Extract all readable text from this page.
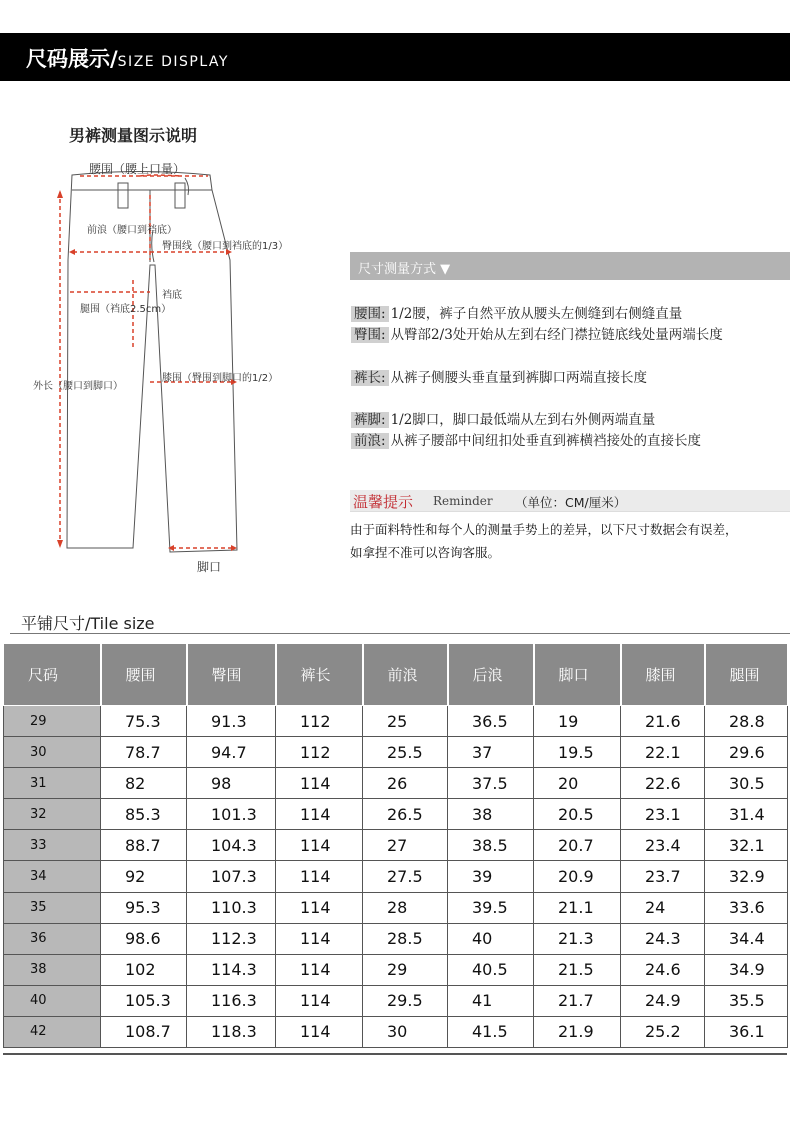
尺码展示/SIZE DISPLAY
男裤测量图示说明
腰围（腰上口量）
前浪（腰口到裆底）
臀围线（腰口到裆底的1/3）
裆底
腿围（裆底2.5cm）
膝围（臀围到脚口的1/2）
外长（腰口到脚口）
脚口
尺寸测量方式 ▼
腰围: 1/2腰，裤子自然平放从腰头左侧缝到右侧缝直量
臀围: 从臀部2/3处开始从左到右经门襟拉链底线处量两端长度
裤长: 从裤子侧腰头垂直量到裤脚口两端直接长度
裤脚: 1/2脚口，脚口最低端从左到右外侧两端直量
前浪: 从裤子腰部中间纽扣处垂直到裤横裆接处的直接长度
温馨提示 Reminder （单位：CM/厘米）
由于面料特性和每个人的测量手势上的差异，以下尺寸数据会有误差，
如拿捏不准可以咨询客服。
平铺尺寸/Tile size
尺码	腰围	臀围	裤长	前浪	后浪	脚口	膝围	腿围
29	75.3	91.3	112	25	36.5	19	21.6	28.8
30	78.7	94.7	112	25.5	37	19.5	22.1	29.6
31	82	98	114	26	37.5	20	22.6	30.5
32	85.3	101.3	114	26.5	38	20.5	23.1	31.4
33	88.7	104.3	114	27	38.5	20.7	23.4	32.1
34	92	107.3	114	27.5	39	20.9	23.7	32.9
35	95.3	110.3	114	28	39.5	21.1	24	33.6
36	98.6	112.3	114	28.5	40	21.3	24.3	34.4
38	102	114.3	114	29	40.5	21.5	24.6	34.9
40	105.3	116.3	114	29.5	41	21.7	24.9	35.5
42	108.7	118.3	114	30	41.5	21.9	25.2	36.1
